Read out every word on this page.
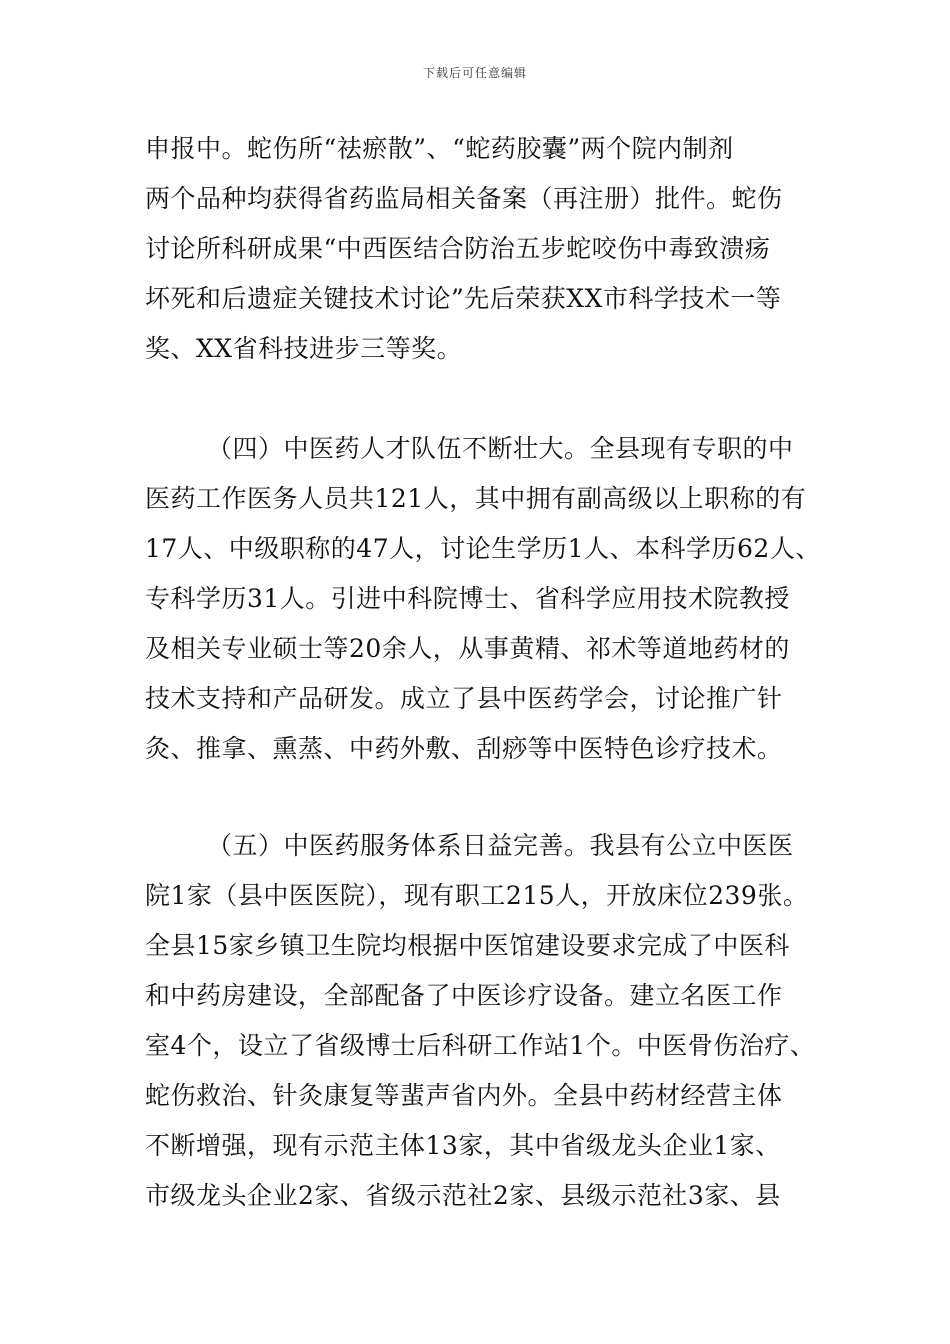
下载后可任意编辑
申报中。蛇伤所“祛瘀散”、“蛇药胶囊”两个院内制剂
两个品种均获得省药监局相关备案（再注册）批件。蛇伤
讨论所科研成果“中西医结合防治五步蛇咬伤中毒致溃疡
坏死和后遗症关键技术讨论”先后荣获XX市科学技术一等
奖、XX省科技进步三等奖。
（四）中医药人才队伍不断壮大。全县现有专职的中
医药工作医务人员共121人，其中拥有副高级以上职称的有
17人、中级职称的47人，讨论生学历1人、本科学历62人、
专科学历31人。引进中科院博士、省科学应用技术院教授
及相关专业硕士等20余人，从事黄精、祁术等道地药材的
技术支持和产品研发。成立了县中医药学会，讨论推广针
灸、推拿、熏蒸、中药外敷、刮痧等中医特色诊疗技术。
（五）中医药服务体系日益完善。我县有公立中医医
院1家（县中医医院），现有职工215人，开放床位239张。
全县15家乡镇卫生院均根据中医馆建设要求完成了中医科
和中药房建设，全部配备了中医诊疗设备。建立名医工作
室4个，设立了省级博士后科研工作站1个。中医骨伤治疗、
蛇伤救治、针灸康复等蜚声省内外。全县中药材经营主体
不断增强，现有示范主体13家，其中省级龙头企业1家、
市级龙头企业2家、省级示范社2家、县级示范社3家、县
